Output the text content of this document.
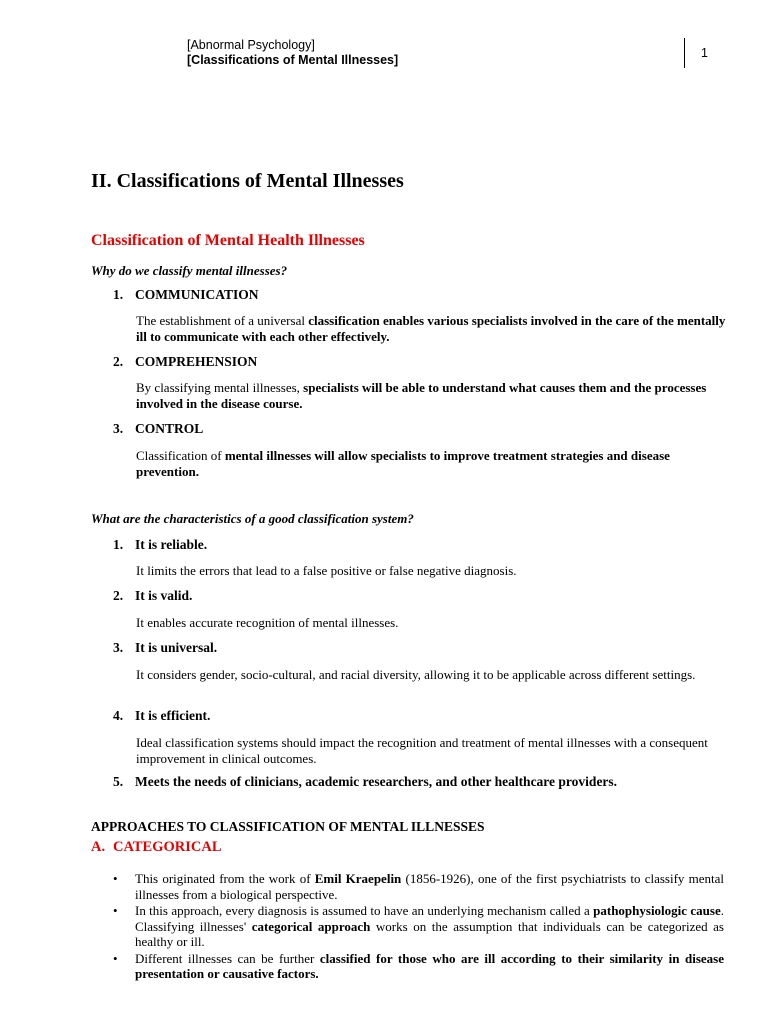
[Abnormal Psychology]
[Classifications of Mental Illnesses]	1
II. Classifications of Mental Illnesses
Classification of Mental Health Illnesses
Why do we classify mental illnesses?
1. COMMUNICATION
The establishment of a universal classification enables various specialists involved in the care of the mentally ill to communicate with each other effectively.
2. COMPREHENSION
By classifying mental illnesses, specialists will be able to understand what causes them and the processes involved in the disease course.
3. CONTROL
Classification of mental illnesses will allow specialists to improve treatment strategies and disease prevention.
What are the characteristics of a good classification system?
1. It is reliable.
It limits the errors that lead to a false positive or false negative diagnosis.
2. It is valid.
It enables accurate recognition of mental illnesses.
3. It is universal.
It considers gender, socio-cultural, and racial diversity, allowing it to be applicable across different settings.
4. It is efficient.
Ideal classification systems should impact the recognition and treatment of mental illnesses with a consequent improvement in clinical outcomes.
5. Meets the needs of clinicians, academic researchers, and other healthcare providers.
APPROACHES TO CLASSIFICATION OF MENTAL ILLNESSES
A. CATEGORICAL
•	This originated from the work of Emil Kraepelin (1856-1926), one of the first psychiatrists to classify mental illnesses from a biological perspective.
•	In this approach, every diagnosis is assumed to have an underlying mechanism called a pathophysiologic cause. Classifying illnesses' categorical approach works on the assumption that individuals can be categorized as healthy or ill.
•	Different illnesses can be further classified for those who are ill according to their similarity in disease presentation or causative factors.
